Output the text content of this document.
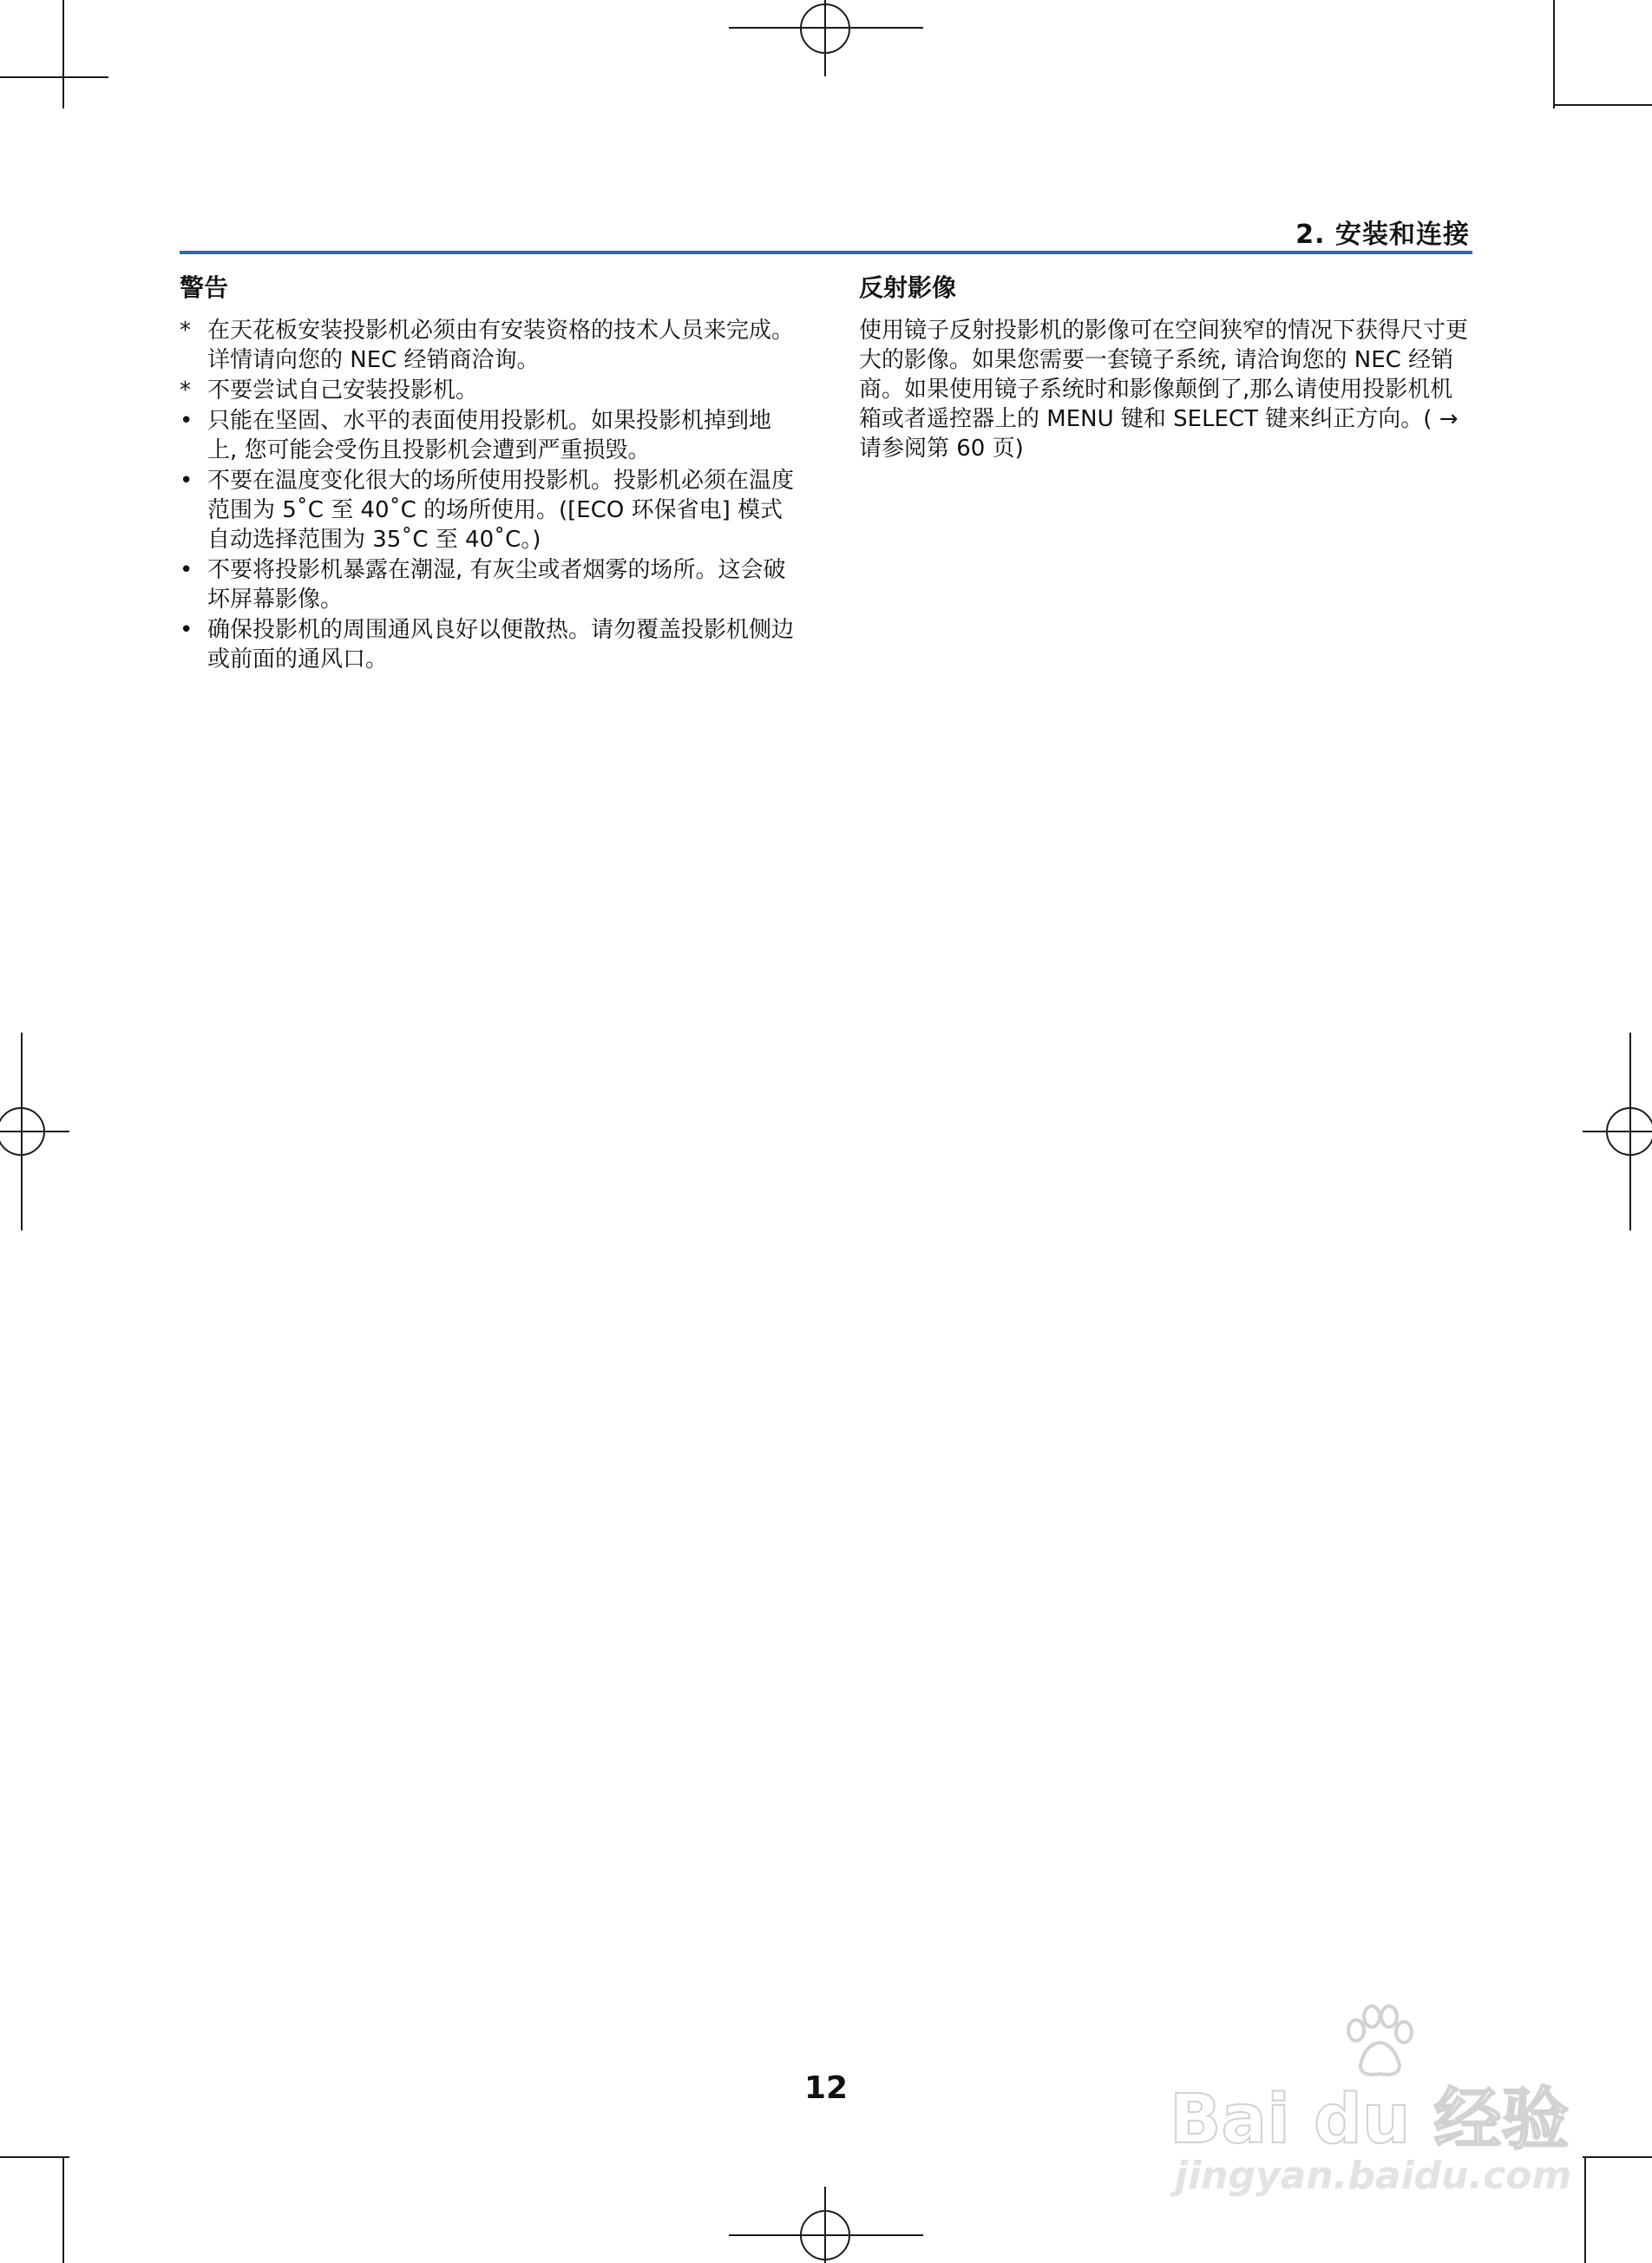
2. 安装和连接
警告
* 在天花板安装投影机必须由有安装资格的技术人员来完成。详情请向您的 NEC 经销商洽询。
* 不要尝试自己安装投影机。
• 只能在坚固、水平的表面使用投影机。如果投影机掉到地上, 您可能会受伤且投影机会遭到严重损毁。
• 不要在温度变化很大的场所使用投影机。投影机必须在温度范围为 5˚C 至 40˚C 的场所使用。([ECO 环保省电] 模式自动选择范围为 35˚C 至 40˚C。)
• 不要将投影机暴露在潮湿, 有灰尘或者烟雾的场所。这会破坏屏幕影像。
• 确保投影机的周围通风良好以便散热。请勿覆盖投影机侧边或前面的通风口。
反射影像

使用镜子反射投影机的影像可在空间狭窄的情况下获得尺寸更大的影像。如果您需要一套镜子系统, 请洽询您的 NEC 经销商。如果使用镜子系统时和影像颠倒了,那么请使用投影机机箱或者遥控器上的 MENU 键和 SELECT 键来纠正方向。( → 请参阅第 60 页)

12	Bai du 经验
jingyan.baidu.com
